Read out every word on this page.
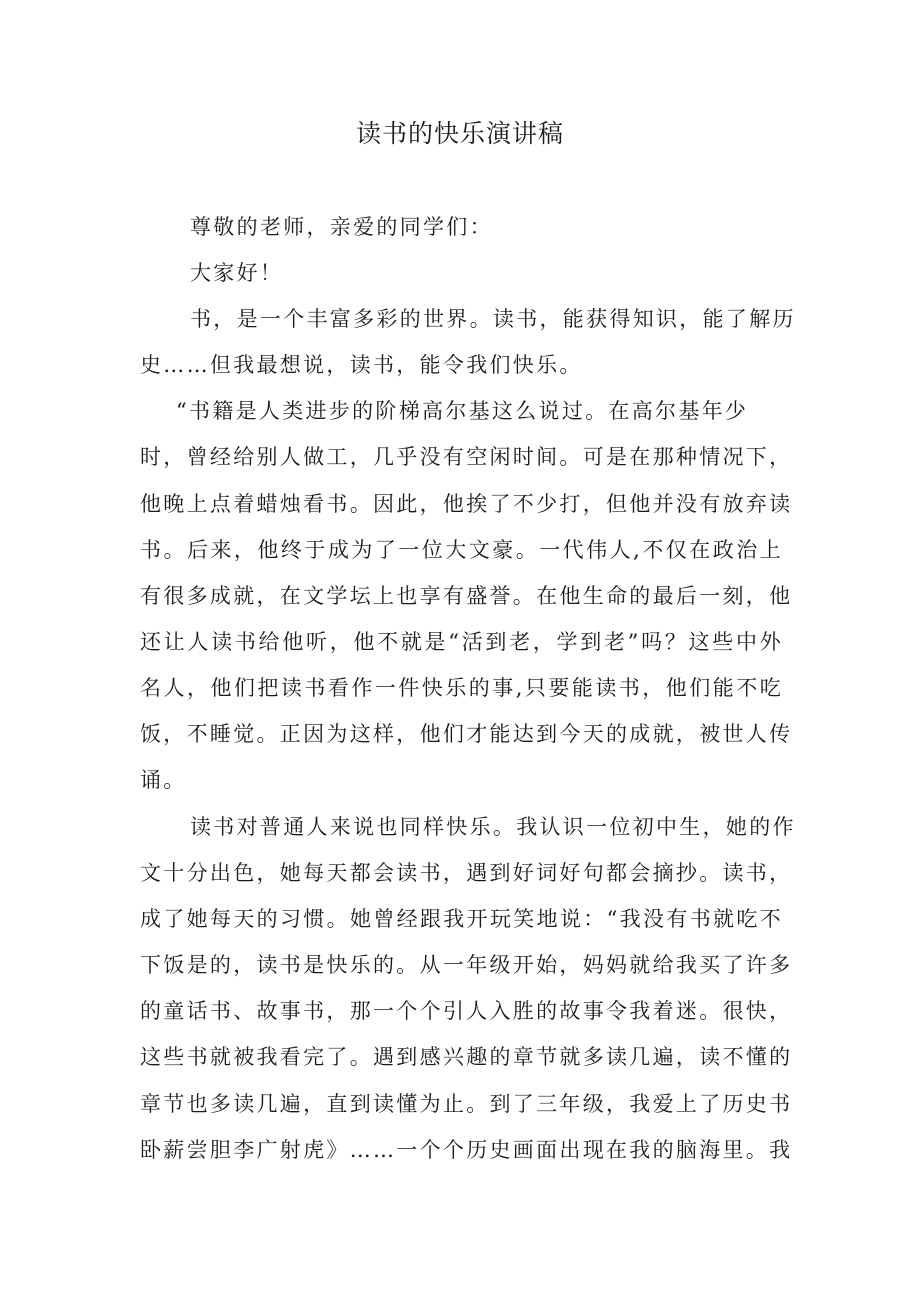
读书的快乐演讲稿
尊敬的老师，亲爱的同学们：
大家好！
书，是一个丰富多彩的世界。读书，能获得知识，能了解历
史……但我最想说，读书，能令我们快乐。
“书籍是人类进步的阶梯高尔基这么说过。在高尔基年少
时，曾经给别人做工，几乎没有空闲时间。可是在那种情况下，
他晚上点着蜡烛看书。因此，他挨了不少打，但他并没有放弃读
书。后来，他终于成为了一位大文豪。一代伟人,不仅在政治上
有很多成就，在文学坛上也享有盛誉。在他生命的最后一刻，他
还让人读书给他听，他不就是“活到老，学到老”吗？这些中外
名人，他们把读书看作一件快乐的事,只要能读书，他们能不吃
饭，不睡觉。正因为这样，他们才能达到今天的成就，被世人传
诵。
读书对普通人来说也同样快乐。我认识一位初中生，她的作
文十分出色，她每天都会读书，遇到好词好句都会摘抄。读书，
成了她每天的习惯。她曾经跟我开玩笑地说：“我没有书就吃不
下饭是的，读书是快乐的。从一年级开始，妈妈就给我买了许多
的童话书、故事书，那一个个引人入胜的故事令我着迷。很快，
这些书就被我看完了。遇到感兴趣的章节就多读几遍，读不懂的
章节也多读几遍，直到读懂为止。到了三年级，我爱上了历史书
卧薪尝胆李广射虎》……一个个历史画面出现在我的脑海里。我
